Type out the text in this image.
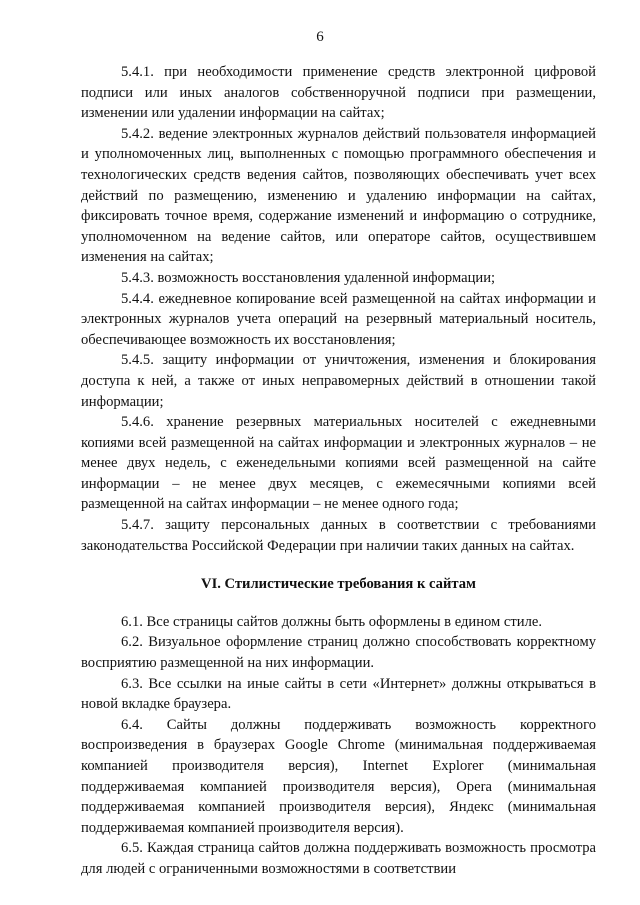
6

5.4.1. при необходимости применение средств электронной цифровой подписи или иных аналогов собственноручной подписи при размещении, изменении или удалении информации на сайтах;

5.4.2. ведение электронных журналов действий пользователя информацией и уполномоченных лиц, выполненных с помощью программного обеспечения и технологических средств ведения сайтов, позволяющих обеспечивать учет всех действий по размещению, изменению и удалению информации на сайтах, фиксировать точное время, содержание изменений и информацию о сотруднике, уполномоченном на ведение сайтов, или операторе сайтов, осуществившем изменения на сайтах;

5.4.3. возможность восстановления удаленной информации;

5.4.4. ежедневное копирование всей размещенной на сайтах информации и электронных журналов учета операций на резервный материальный носитель, обеспечивающее возможность их восстановления;

5.4.5. защиту информации от уничтожения, изменения и блокирования доступа к ней, а также от иных неправомерных действий в отношении такой информации;

5.4.6. хранение резервных материальных носителей с ежедневными копиями всей размещенной на сайтах информации и электронных журналов – не менее двух недель, с еженедельными копиями всей размещенной на сайте информации – не менее двух месяцев, с ежемесячными копиями всей размещенной на сайтах информации – не менее одного года;

5.4.7. защиту персональных данных в соответствии с требованиями законодательства Российской Федерации при наличии таких данных на сайтах.

VI. Стилистические требования к сайтам

6.1. Все страницы сайтов должны быть оформлены в едином стиле.

6.2. Визуальное оформление страниц должно способствовать корректному восприятию размещенной на них информации.

6.3. Все ссылки на иные сайты в сети «Интернет» должны открываться в новой вкладке браузера.

6.4. Сайты должны поддерживать возможность корректного воспроизведения в браузерах Google Chrome (минимальная поддерживаемая компанией производителя версия), Internet Explorer (минимальная поддерживаемая компанией производителя версия), Opera (минимальная поддерживаемая компанией производителя версия), Яндекс (минимальная поддерживаемая компанией производителя версия).

6.5. Каждая страница сайтов должна поддерживать возможность просмотра для людей с ограниченными возможностями в соответствии
